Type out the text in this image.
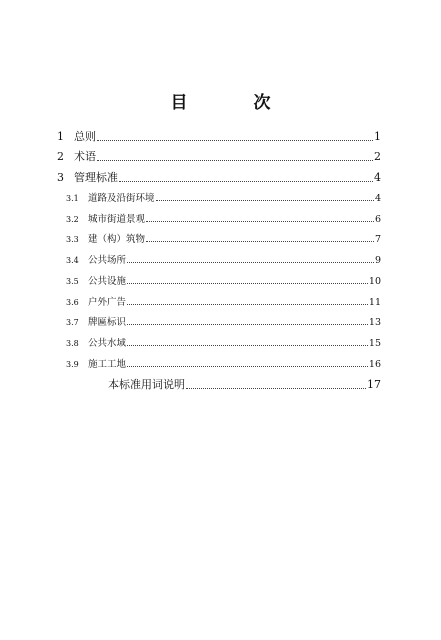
目 次
1 总则	1
2 术语	2
3 管理标准	4
3.1 道路及沿街环境	4
3.2 城市街道景观	6
3.3 建（构）筑物	7
3.4 公共场所	9
3.5 公共设施	10
3.6 户外广告	11
3.7 牌匾标识	13
3.8 公共水域	15
3.9 施工工地	16
本标准用词说明	17
